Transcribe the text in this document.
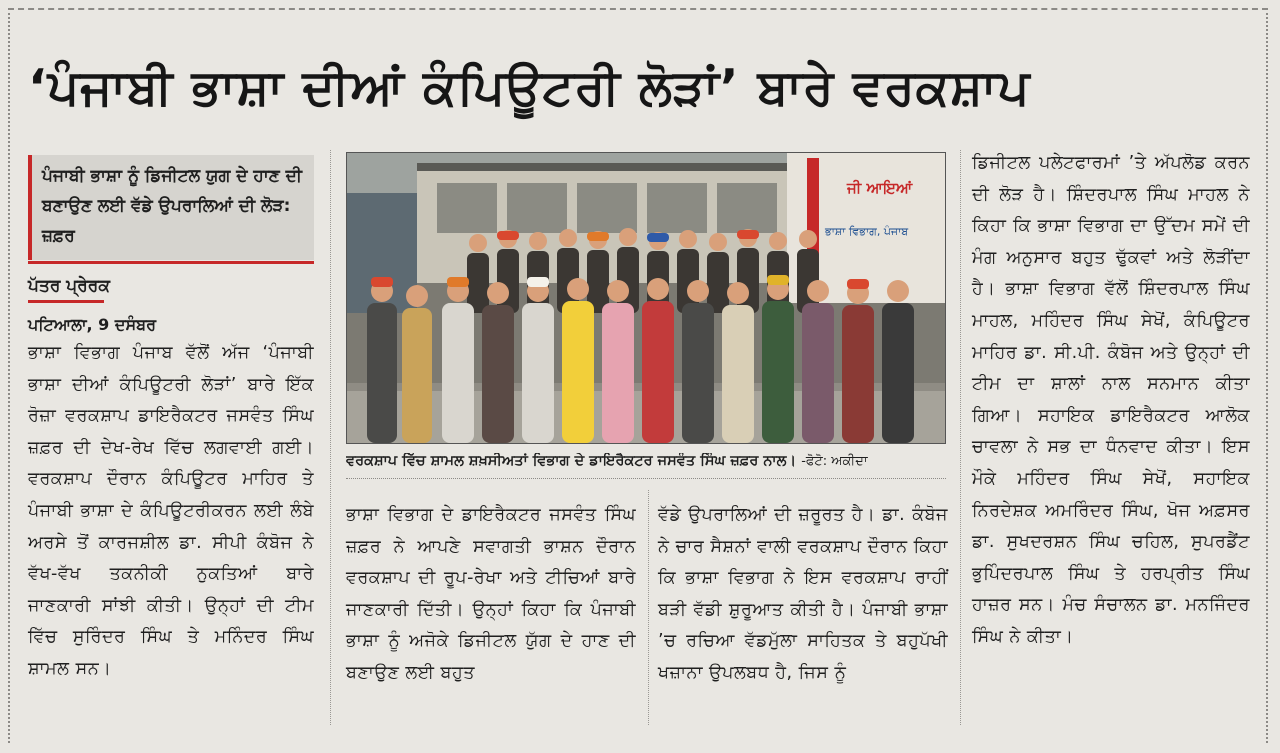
‘ਪੰਜਾਬੀ ਭਾਸ਼ਾ ਦੀਆਂ ਕੰਪਿਊਟਰੀ ਲੋੜਾਂ’ ਬਾਰੇ ਵਰਕਸ਼ਾਪ
ਪੰਜਾਬੀ ਭਾਸ਼ਾ ਨੂੰ ਡਿਜੀਟਲ ਯੁਗ ਦੇ ਹਾਣ ਦੀ ਬਣਾਉਣ ਲਈ ਵੱਡੇ ਉਪਰਾਲਿਆਂ ਦੀ ਲੋੜ: ਜ਼ਫ਼ਰ
ਪੱਤਰ ਪ੍ਰੇਰਕ
ਪਟਿਆਲਾ, 9 ਦਸੰਬਰ
ਭਾਸ਼ਾ ਵਿਭਾਗ ਪੰਜਾਬ ਵੱਲੋਂ ਅੱਜ ‘ਪੰਜਾਬੀ ਭਾਸ਼ਾ ਦੀਆਂ ਕੰਪਿਊਟਰੀ ਲੋੜਾਂ’ ਬਾਰੇ ਇੱਕ ਰੋਜ਼ਾ ਵਰਕਸ਼ਾਪ ਡਾਇਰੈਕਟਰ ਜਸਵੰਤ ਸਿੰਘ ਜ਼ਫ਼ਰ ਦੀ ਦੇਖ-ਰੇਖ ਵਿੱਚ ਲਗਵਾਈ ਗਈ। ਵਰਕਸ਼ਾਪ ਦੌਰਾਨ ਕੰਪਿਊਟਰ ਮਾਹਿਰ ਤੇ ਪੰਜਾਬੀ ਭਾਸ਼ਾ ਦੇ ਕੰਪਿਊਟਰੀਕਰਨ ਲਈ ਲੰਬੇ ਅਰਸੇ ਤੋਂ ਕਾਰਜਸ਼ੀਲ ਡਾ. ਸੀਪੀ ਕੰਬੋਜ ਨੇ ਵੱਖ-ਵੱਖ ਤਕਨੀਕੀ ਨੁਕਤਿਆਂ ਬਾਰੇ ਜਾਣਕਾਰੀ ਸਾਂਝੀ ਕੀਤੀ। ਉਨ੍ਹਾਂ ਦੀ ਟੀਮ ਵਿੱਚ ਸੁਰਿੰਦਰ ਸਿੰਘ ਤੇ ਮਨਿੰਦਰ ਸਿੰਘ ਸ਼ਾਮਲ ਸਨ।
ਜੀ ਆਇਆਂ
ਭਾਸ਼ਾ ਵਿਭਾਗ, ਪੰਜਾਬ
ਵਰਕਸ਼ਾਪ ਵਿੱਚ ਸ਼ਾਮਲ ਸ਼ਖ਼ਸੀਅਤਾਂ ਵਿਭਾਗ ਦੇ ਡਾਇਰੈਕਟਰ ਜਸਵੰਤ ਸਿੰਘ ਜ਼ਫ਼ਰ ਨਾਲ। -ਫੋਟੋ: ਅਕੀਦਾ
ਭਾਸ਼ਾ ਵਿਭਾਗ ਦੇ ਡਾਇਰੈਕਟਰ ਜਸਵੰਤ ਸਿੰਘ ਜ਼ਫ਼ਰ ਨੇ ਆਪਣੇ ਸਵਾਗਤੀ ਭਾਸ਼ਨ ਦੌਰਾਨ ਵਰਕਸ਼ਾਪ ਦੀ ਰੂਪ-ਰੇਖਾ ਅਤੇ ਟੀਚਿਆਂ ਬਾਰੇ ਜਾਣਕਾਰੀ ਦਿੱਤੀ। ਉਨ੍ਹਾਂ ਕਿਹਾ ਕਿ ਪੰਜਾਬੀ ਭਾਸ਼ਾ ਨੂੰ ਅਜੋਕੇ ਡਿਜੀਟਲ ਯੁੱਗ ਦੇ ਹਾਣ ਦੀ ਬਣਾਉਣ ਲਈ ਬਹੁਤ
ਵੱਡੇ ਉਪਰਾਲਿਆਂ ਦੀ ਜ਼ਰੂਰਤ ਹੈ। ਡਾ. ਕੰਬੋਜ ਨੇ ਚਾਰ ਸੈਸ਼ਨਾਂ ਵਾਲੀ ਵਰਕਸ਼ਾਪ ਦੌਰਾਨ ਕਿਹਾ ਕਿ ਭਾਸ਼ਾ ਵਿਭਾਗ ਨੇ ਇਸ ਵਰਕਸ਼ਾਪ ਰਾਹੀਂ ਬੜੀ ਵੱਡੀ ਸ਼ੁਰੂਆਤ ਕੀਤੀ ਹੈ। ਪੰਜਾਬੀ ਭਾਸ਼ਾ ’ਚ ਰਚਿਆ ਵੱਡਮੁੱਲਾ ਸਾਹਿਤਕ ਤੇ ਬਹੁਪੱਖੀ ਖਜ਼ਾਨਾ ਉਪਲਬਧ ਹੈ, ਜਿਸ ਨੂੰ
ਡਿਜੀਟਲ ਪਲੇਟਫਾਰਮਾਂ ’ਤੇ ਅੱਪਲੋਡ ਕਰਨ ਦੀ ਲੋੜ ਹੈ। ਸ਼ਿੰਦਰਪਾਲ ਸਿੰਘ ਮਾਹਲ ਨੇ ਕਿਹਾ ਕਿ ਭਾਸ਼ਾ ਵਿਭਾਗ ਦਾ ਉੱਦਮ ਸਮੇਂ ਦੀ ਮੰਗ ਅਨੁਸਾਰ ਬਹੁਤ ਢੁੱਕਵਾਂ ਅਤੇ ਲੋੜੀਂਦਾ ਹੈ। ਭਾਸ਼ਾ ਵਿਭਾਗ ਵੱਲੋਂ ਸ਼ਿੰਦਰਪਾਲ ਸਿੰਘ ਮਾਹਲ, ਮਹਿੰਦਰ ਸਿੰਘ ਸੇਖੋਂ, ਕੰਪਿਊਟਰ ਮਾਹਿਰ ਡਾ. ਸੀ.ਪੀ. ਕੰਬੋਜ ਅਤੇ ਉਨ੍ਹਾਂ ਦੀ ਟੀਮ ਦਾ ਸ਼ਾਲਾਂ ਨਾਲ ਸਨਮਾਨ ਕੀਤਾ ਗਿਆ। ਸਹਾਇਕ ਡਾਇਰੈਕਟਰ ਆਲੋਕ ਚਾਵਲਾ ਨੇ ਸਭ ਦਾ ਧੰਨਵਾਦ ਕੀਤਾ। ਇਸ ਮੌਕੇ ਮਹਿੰਦਰ ਸਿੰਘ ਸੇਖੋਂ, ਸਹਾਇਕ ਨਿਰਦੇਸ਼ਕ ਅਮਰਿੰਦਰ ਸਿੰਘ, ਖੋਜ ਅਫ਼ਸਰ ਡਾ. ਸੁਖਦਰਸ਼ਨ ਸਿੰਘ ਚਹਿਲ, ਸੁਪਰਡੈਂਟ ਭੁਪਿੰਦਰਪਾਲ ਸਿੰਘ ਤੇ ਹਰਪ੍ਰੀਤ ਸਿੰਘ ਹਾਜ਼ਰ ਸਨ। ਮੰਚ ਸੰਚਾਲਨ ਡਾ. ਮਨਜਿੰਦਰ ਸਿੰਘ ਨੇ ਕੀਤਾ।
